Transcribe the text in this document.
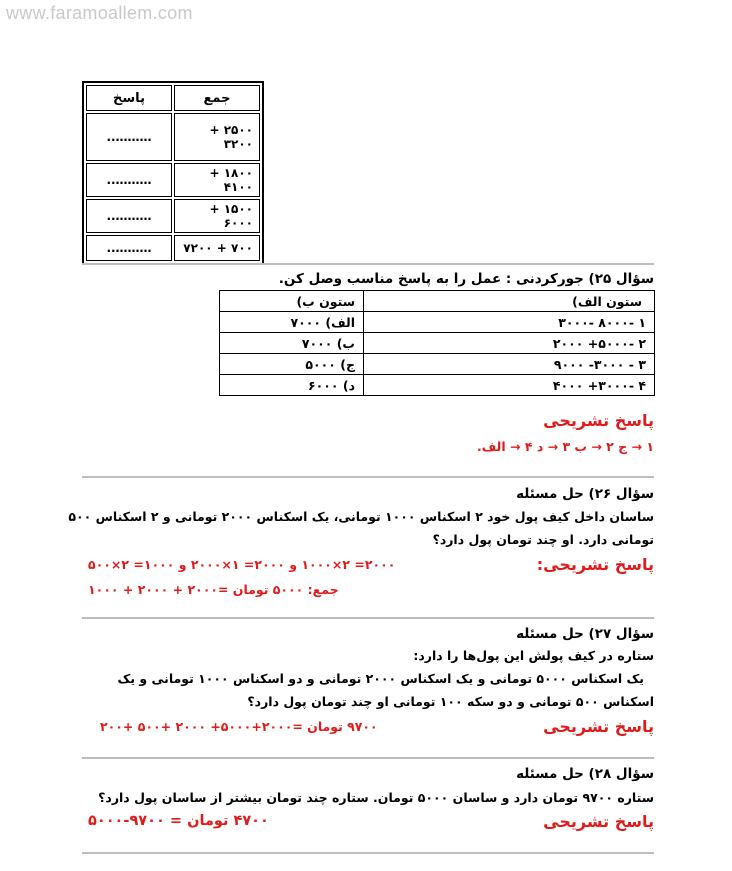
www.faramoallem.com
جمع	پاسخ
۲۵۰۰ + ۳۲۰۰	………..
۱۸۰۰ + ۴۱۰۰	………..
۱۵۰۰ + ۶۰۰۰	………..
۷۰۰ + ۷۲۰۰	………..
سؤال ۲۵) جورکردنی : عمل را به پاسخ مناسب وصل کن.
ستون الف)	ستون ب)
۱ -۸۰۰۰ -۳۰۰۰	الف) ۷۰۰۰
۲ -۵۰۰۰+ ۲۰۰۰	ب) ۷۰۰۰
۳ - ۳۰۰۰- ۹۰۰۰	ج) ۵۰۰۰
۴ -۳۰۰۰+ ۴۰۰۰	د) ۶۰۰۰
پاسخ تشریحی
۱ → ج ۲ → ب ۳ → د ۴ → الف.
سؤال ۲۶) حل مسئله
ساسان داخل کیف پول خود ۲ اسکناس ۱۰۰۰ تومانی، یک اسکناس ۲۰۰۰ تومانی و ۲ اسکناس ۵۰۰
تومانی دارد. او چند تومان پول دارد؟
پاسخ تشریحی:
۲۰۰۰= ۲×۱۰۰۰ و ۲۰۰۰= ۱×۲۰۰۰ و ۱۰۰۰= ۲×۵۰۰
جمع: ۵۰۰۰ تومان =۲۰۰۰ + ۲۰۰۰ + ۱۰۰۰
سؤال ۲۷) حل مسئله
ستاره در کیف پولش این پول‌ها را دارد:
یک اسکناس ۵۰۰۰ تومانی و یک اسکناس ۲۰۰۰ تومانی و دو اسکناس ۱۰۰۰ تومانی و یک
اسکناس ۵۰۰ تومانی و دو سکه ۱۰۰ تومانی او چند تومان پول دارد؟
پاسخ تشریحی
۹۷۰۰ تومان =۲۰۰۰+۵۰۰۰+ ۲۰۰۰ +۵۰۰ +۲۰۰
سؤال ۲۸) حل مسئله
ستاره ۹۷۰۰ تومان دارد و ساسان ۵۰۰۰ تومان. ستاره چند تومان بیشتر از ساسان پول دارد؟
پاسخ تشریحی
۴۷۰۰ تومان = ۹۷۰۰-۵۰۰۰
